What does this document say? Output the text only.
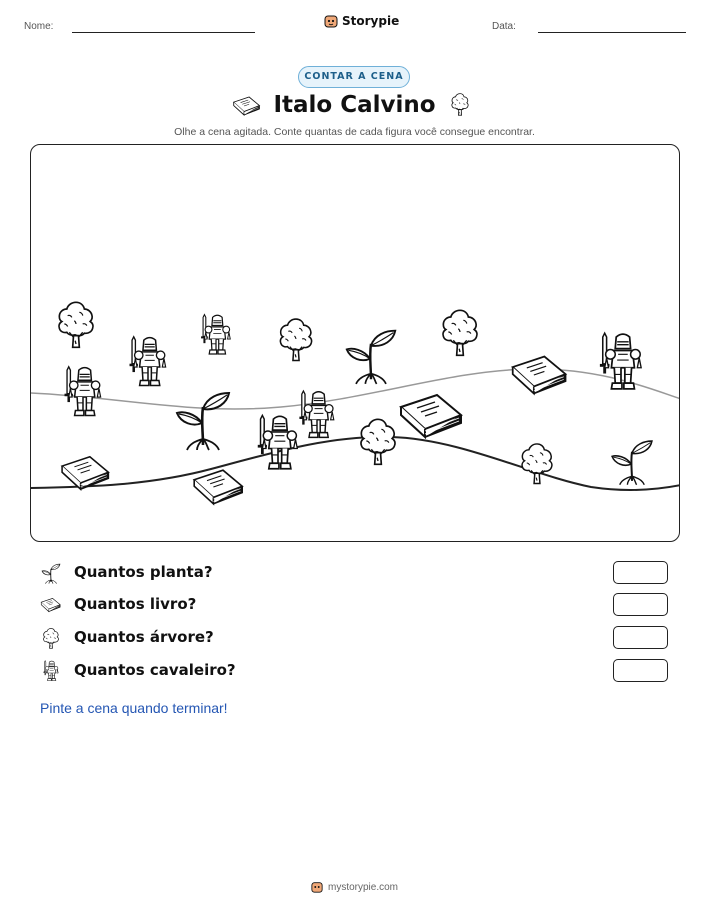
Nome:	Storypie	Data:
CONTAR A CENA
Italo Calvino
Olhe a cena agitada. Conte quantas de cada figura você consegue encontrar.
Quantos planta?
Quantos livro?
Quantos árvore?
Quantos cavaleiro?
Pinte a cena quando terminar!
mystorypie.com
